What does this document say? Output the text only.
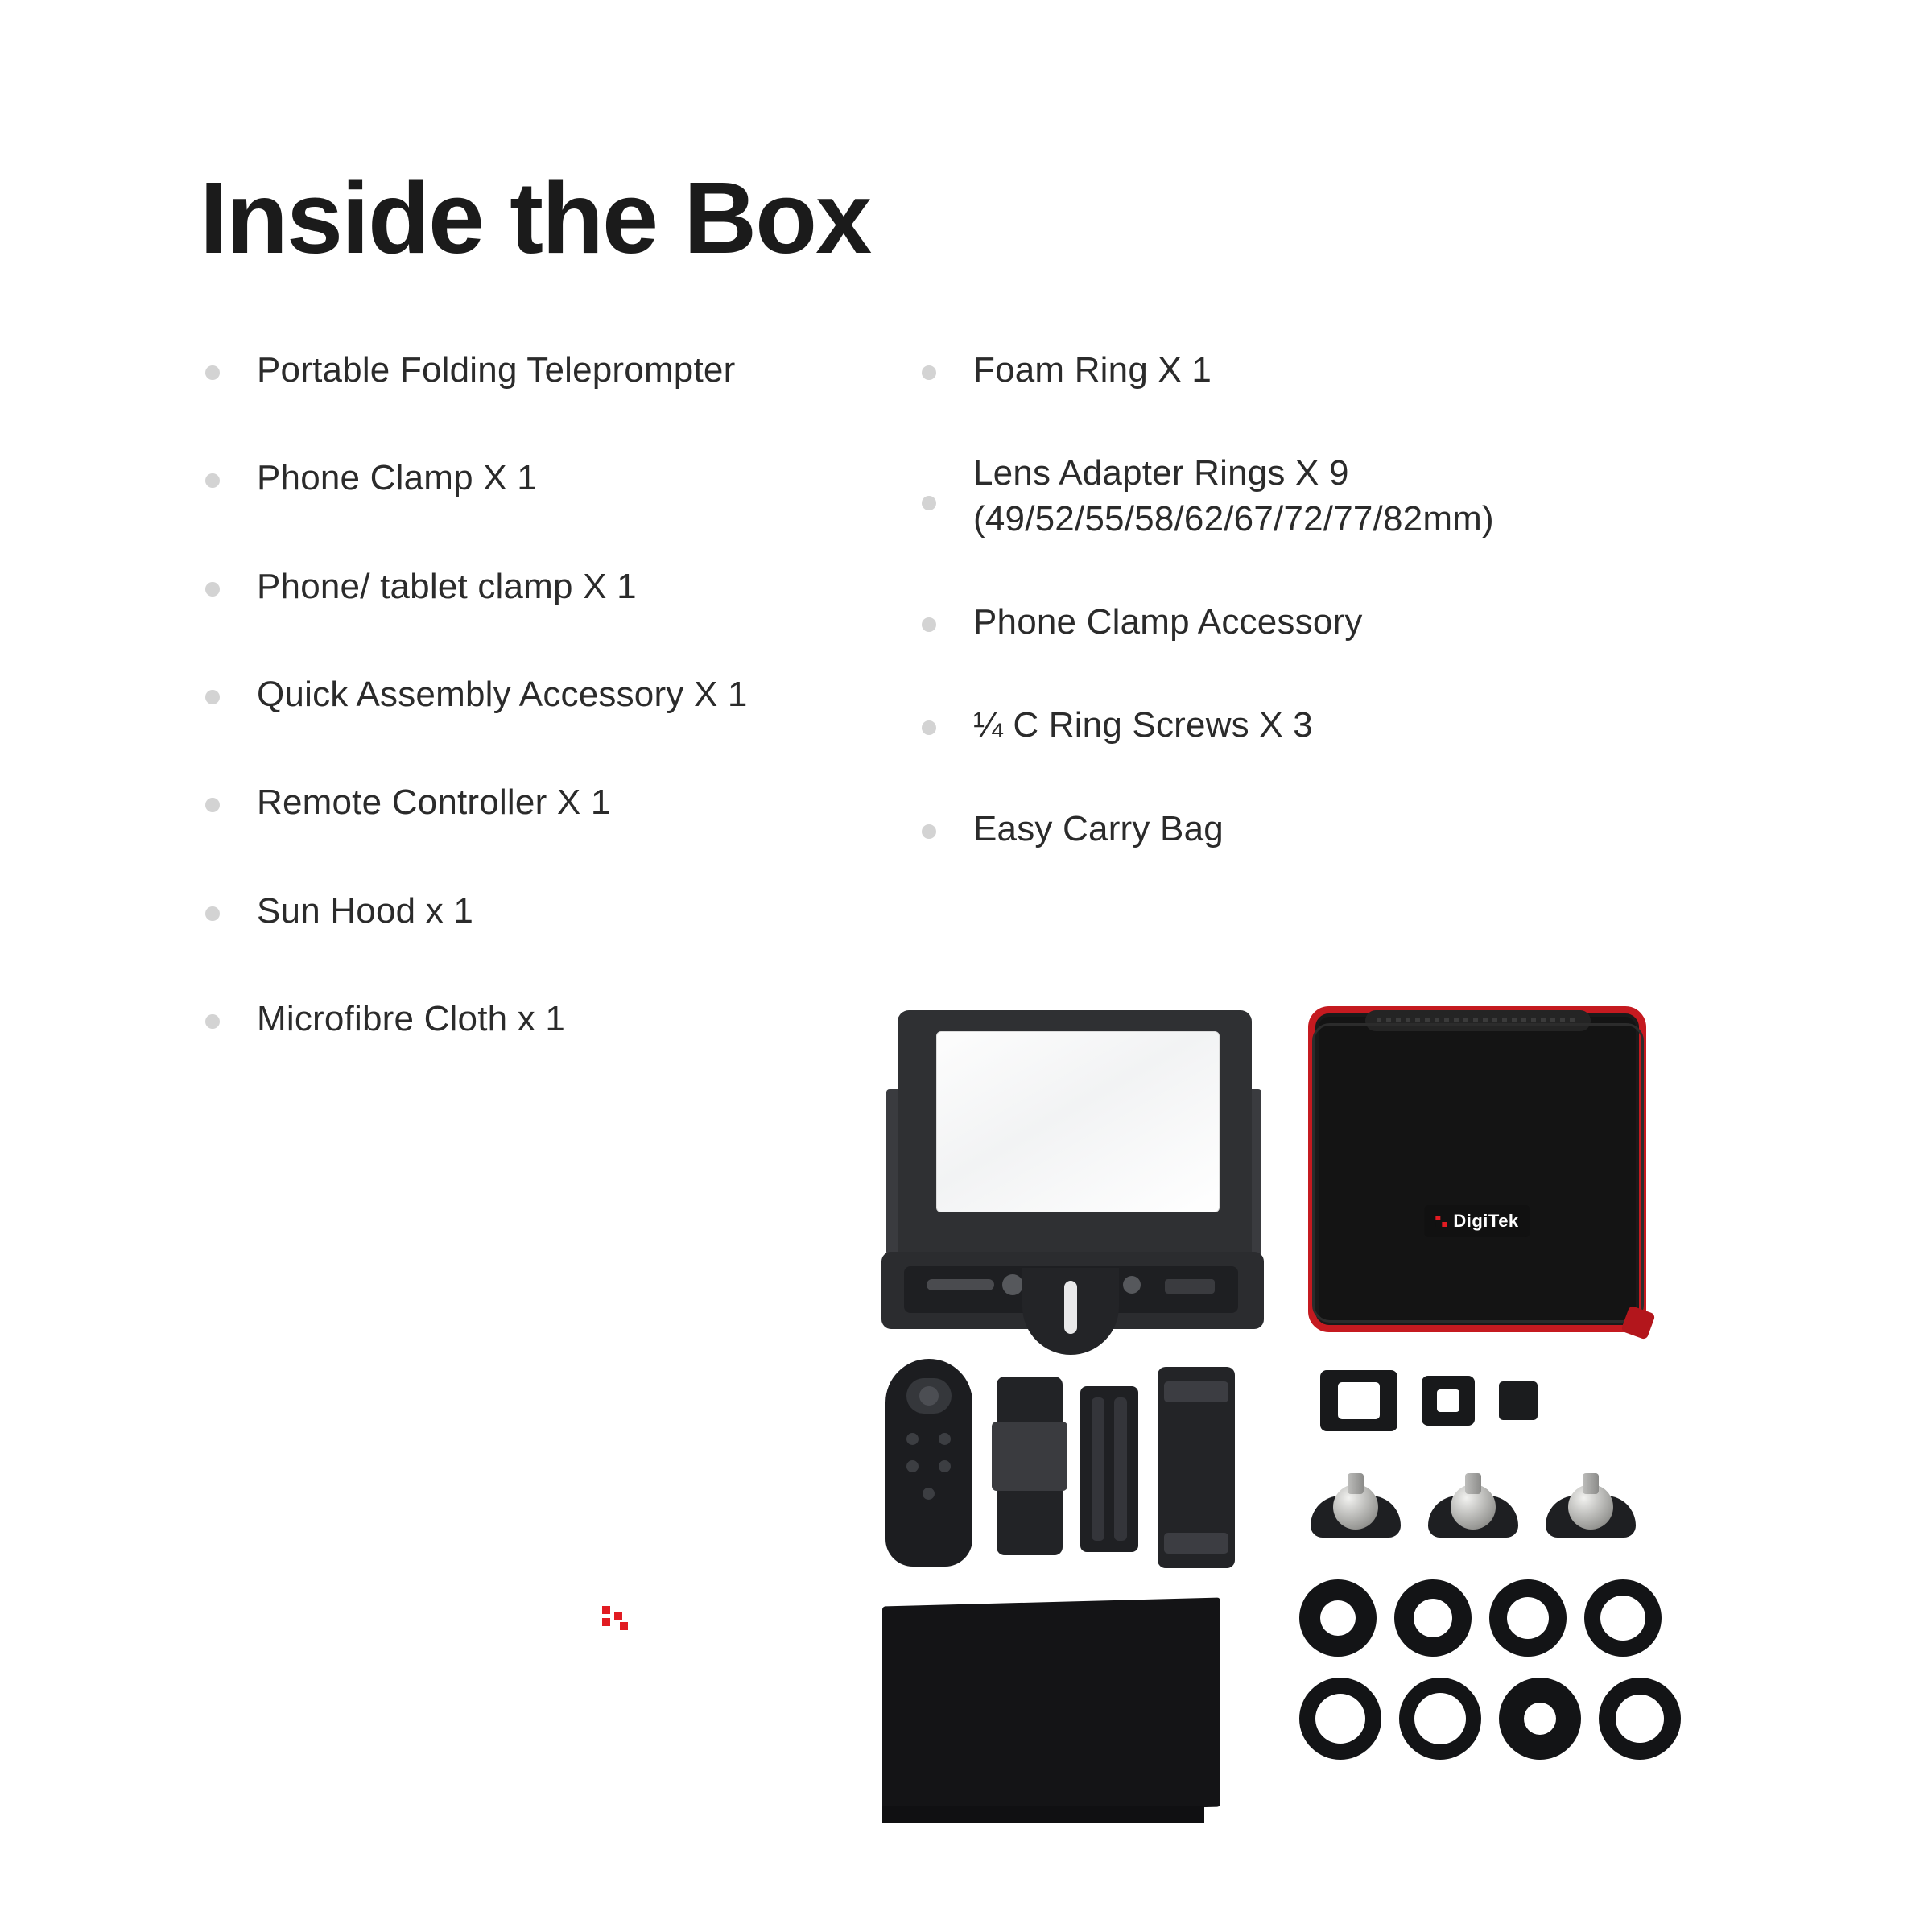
Inside the Box
Portable Folding Teleprompter
Phone Clamp X 1
Phone/ tablet clamp X 1
Quick Assembly Accessory X 1
Remote Controller X 1
Sun Hood x 1
Microfibre Cloth x 1
Foam Ring X 1
Lens Adapter Rings X 9
(49/52/55/58/62/67/72/77/82mm)
Phone Clamp Accessory
¼ C Ring Screws X 3
Easy Carry Bag
DigiTek
